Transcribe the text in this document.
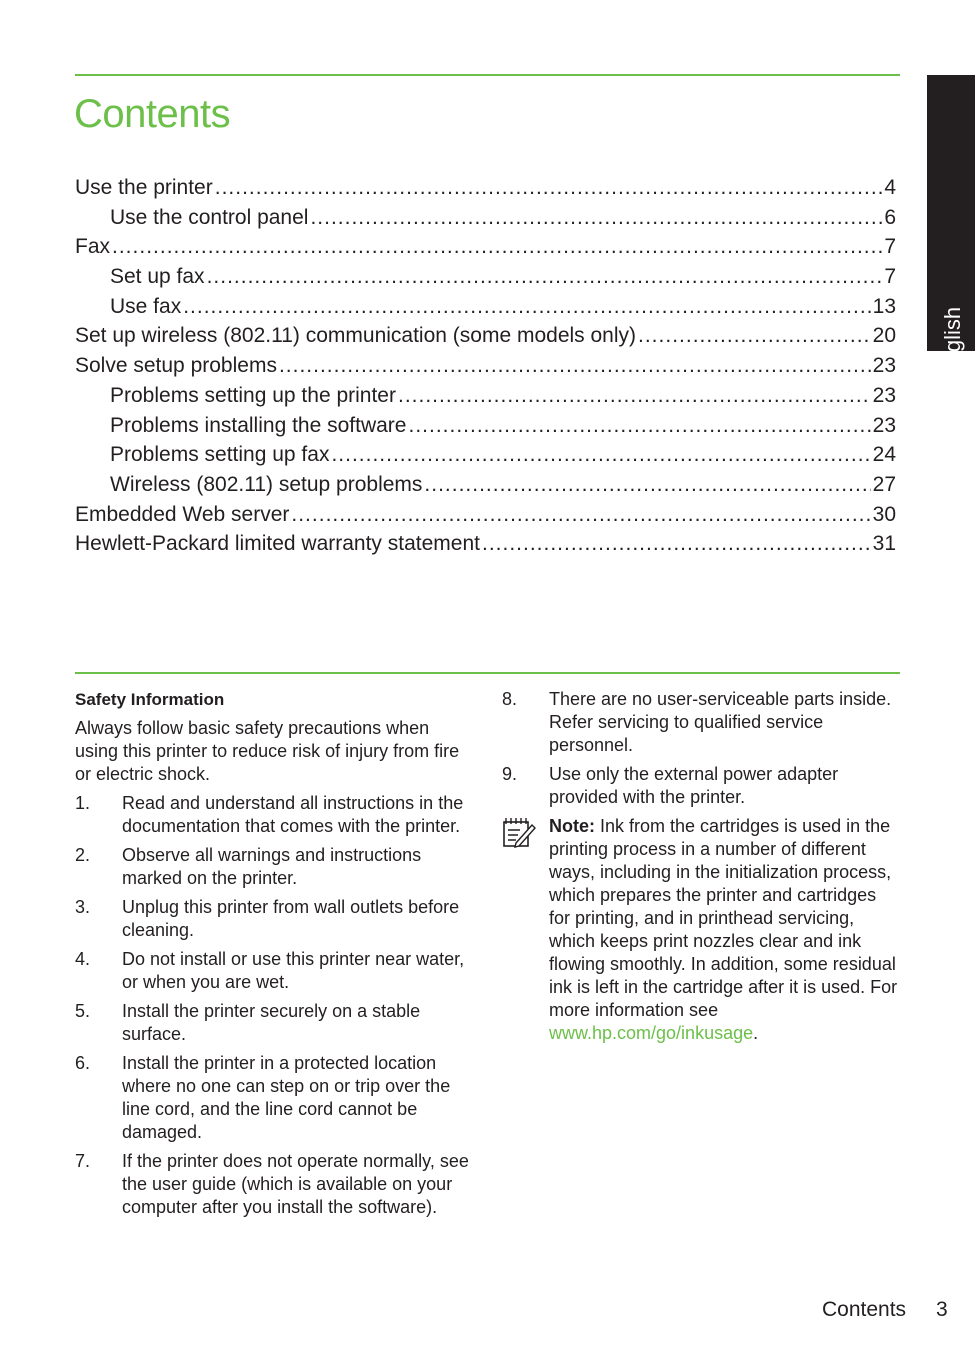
Contents
English
Use the printer .....	4
Use the control panel .....	6
Fax .....	7
Set up fax .....	7
Use fax .....	13
Set up wireless (802.11) communication (some models only) .....	20
Solve setup problems .....	23
Problems setting up the printer .....	23
Problems installing the software .....	23
Problems setting up fax .....	24
Wireless (802.11) setup problems .....	27
Embedded Web server .....	30
Hewlett-Packard limited warranty statement .....	31
Safety Information
Always follow basic safety precautions when using this printer to reduce risk of injury from fire or electric shock.
1.	Read and understand all instructions in the documentation that comes with the printer.
2.	Observe all warnings and instructions marked on the printer.
3.	Unplug this printer from wall outlets before cleaning.
4.	Do not install or use this printer near water, or when you are wet.
5.	Install the printer securely on a stable surface.
6.	Install the printer in a protected location where no one can step on or trip over the line cord, and the line cord cannot be damaged.
7.	If the printer does not operate normally, see the user guide (which is available on your computer after you install the software).
8.	There are no user-serviceable parts inside. Refer servicing to qualified service personnel.
9.	Use only the external power adapter provided with the printer.
Note: Ink from the cartridges is used in the printing process in a number of different ways, including in the initialization process, which prepares the printer and cartridges for printing, and in printhead servicing, which keeps print nozzles clear and ink flowing smoothly. In addition, some residual ink is left in the cartridge after it is used. For more information see www.hp.com/go/inkusage.
Contents 3
